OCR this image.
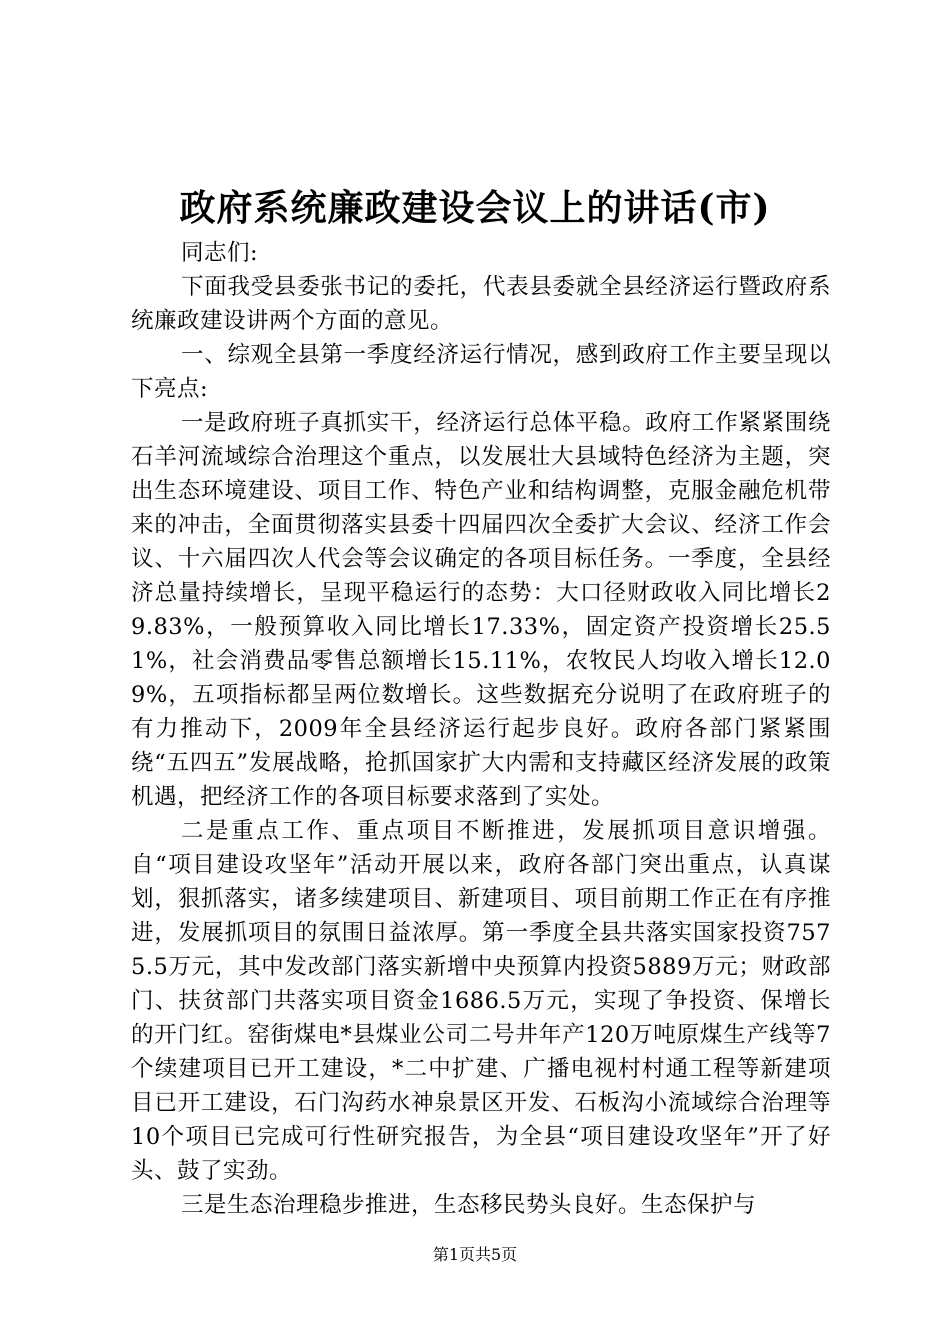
政府系统廉政建设会议上的讲话(市)

同志们:

下面我受县委张书记的委托，代表县委就全县经济运行暨政府系统廉政建设讲两个方面的意见。

一、综观全县第一季度经济运行情况，感到政府工作主要呈现以下亮点:

一是政府班子真抓实干，经济运行总体平稳。政府工作紧紧围绕石羊河流域综合治理这个重点，以发展壮大县域特色经济为主题，突出生态环境建设、项目工作、特色产业和结构调整，克服金融危机带来的冲击，全面贯彻落实县委十四届四次全委扩大会议、经济工作会议、十六届四次人代会等会议确定的各项目标任务。一季度，全县经济总量持续增长，呈现平稳运行的态势：大口径财政收入同比增长29.83%，一般预算收入同比增长17.33%，固定资产投资增长25.51%，社会消费品零售总额增长15.11%，农牧民人均收入增长12.09%，五项指标都呈两位数增长。这些数据充分说明了在政府班子的有力推动下，2009年全县经济运行起步良好。政府各部门紧紧围绕“五四五”发展战略，抢抓国家扩大内需和支持藏区经济发展的政策机遇，把经济工作的各项目标要求落到了实处。

二是重点工作、重点项目不断推进，发展抓项目意识增强。自“项目建设攻坚年”活动开展以来，政府各部门突出重点，认真谋划，狠抓落实，诸多续建项目、新建项目、项目前期工作正在有序推进，发展抓项目的氛围日益浓厚。第一季度全县共落实国家投资7575.5万元，其中发改部门落实新增中央预算内投资5889万元；财政部门、扶贫部门共落实项目资金1686.5万元，实现了争投资、保增长的开门红。窑街煤电*县煤业公司二号井年产120万吨原煤生产线等7个续建项目已开工建设，*二中扩建、广播电视村村通工程等新建项目已开工建设，石门沟药水神泉景区开发、石板沟小流域综合治理等10个项目已完成可行性研究报告，为全县“项目建设攻坚年”开了好头、鼓了实劲。

三是生态治理稳步推进，生态移民势头良好。生态保护与

第1页共5页
